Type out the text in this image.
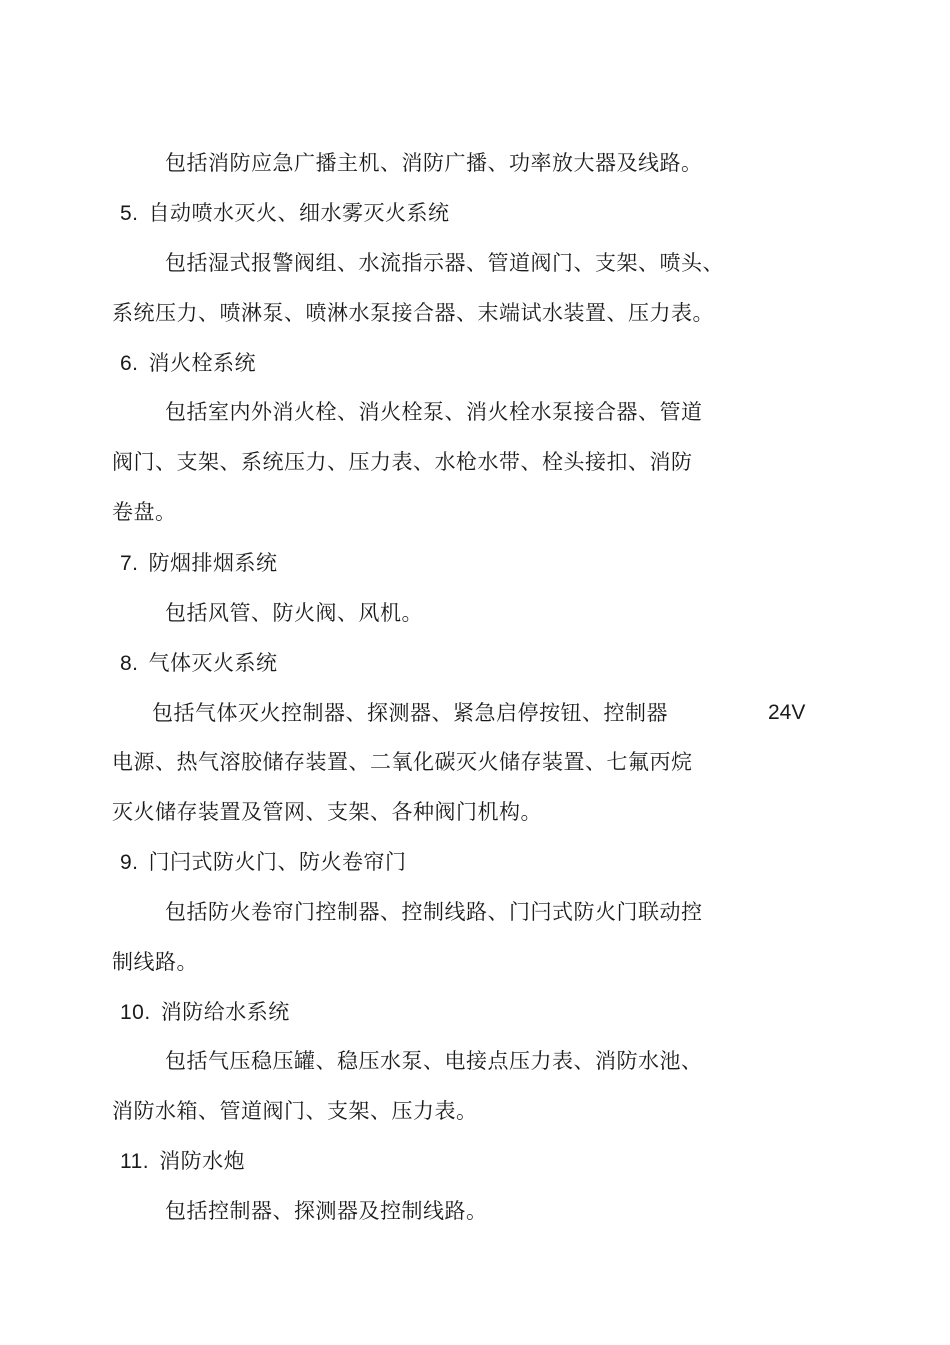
包括消防应急广播主机、消防广播、功率放大器及线路。
5. 自动喷水灭火、细水雾灭火系统
包括湿式报警阀组、水流指示器、管道阀门、支架、喷头、
系统压力、喷淋泵、喷淋水泵接合器、末端试水装置、压力表。
6. 消火栓系统
包括室内外消火栓、消火栓泵、消火栓水泵接合器、管道
阀门、支架、系统压力、压力表、水枪水带、栓头接扣、消防
卷盘。
7. 防烟排烟系统
包括风管、防火阀、风机。
8. 气体灭火系统
包括气体灭火控制器、探测器、紧急启停按钮、控制器	24V
电源、热气溶胶储存装置、二氧化碳灭火储存装置、七氟丙烷
灭火储存装置及管网、支架、各种阀门机构。
9. 门闩式防火门、防火卷帘门
包括防火卷帘门控制器、控制线路、门闩式防火门联动控
制线路。
10. 消防给水系统
包括气压稳压罐、稳压水泵、电接点压力表、消防水池、
消防水箱、管道阀门、支架、压力表。
11. 消防水炮
包括控制器、探测器及控制线路。
